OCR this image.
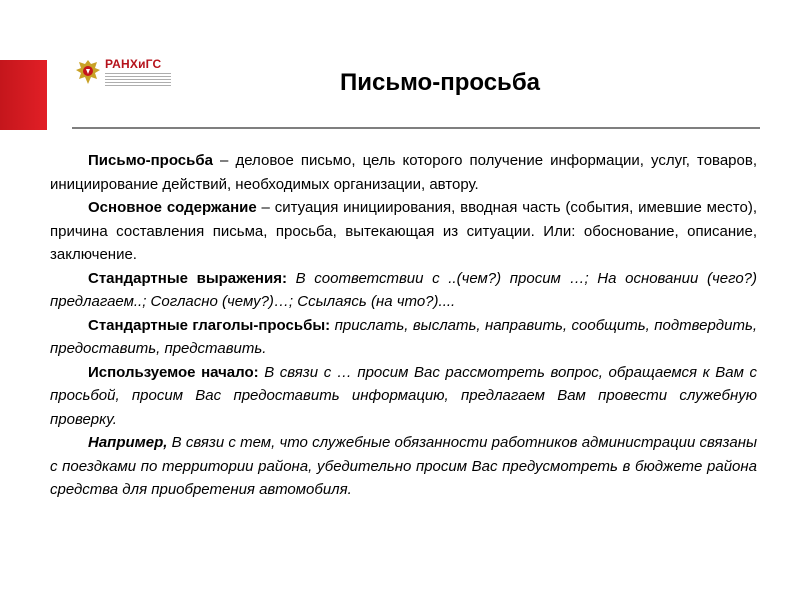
РАНХиГС
Письмо-просьба

Письмо-просьба – деловое письмо, цель которого получение информации, услуг, товаров, инициирование действий, необходимых организации, автору.

Основное содержание – ситуация инициирования, вводная часть (события, имевшие место), причина составления письма, просьба, вытекающая из ситуации. Или: обоснование, описание, заключение.

Стандартные выражения: В соответствии с ..(чем?) просим …; На основании (чего?) предлагаем..; Согласно (чему?)…; Ссылаясь (на что?)....

Стандартные глаголы-просьбы: прислать, выслать, направить, сообщить, подтвердить, предоставить, представить.

Используемое начало: В связи с … просим Вас рассмотреть вопрос, обращаемся к Вам с просьбой, просим Вас предоставить информацию, предлагаем Вам провести служебную проверку.

Например, В связи с тем, что служебные обязанности работников администрации связаны с поездками по территории района, убедительно просим Вас предусмотреть в бюджете района средства для приобретения автомобиля.
